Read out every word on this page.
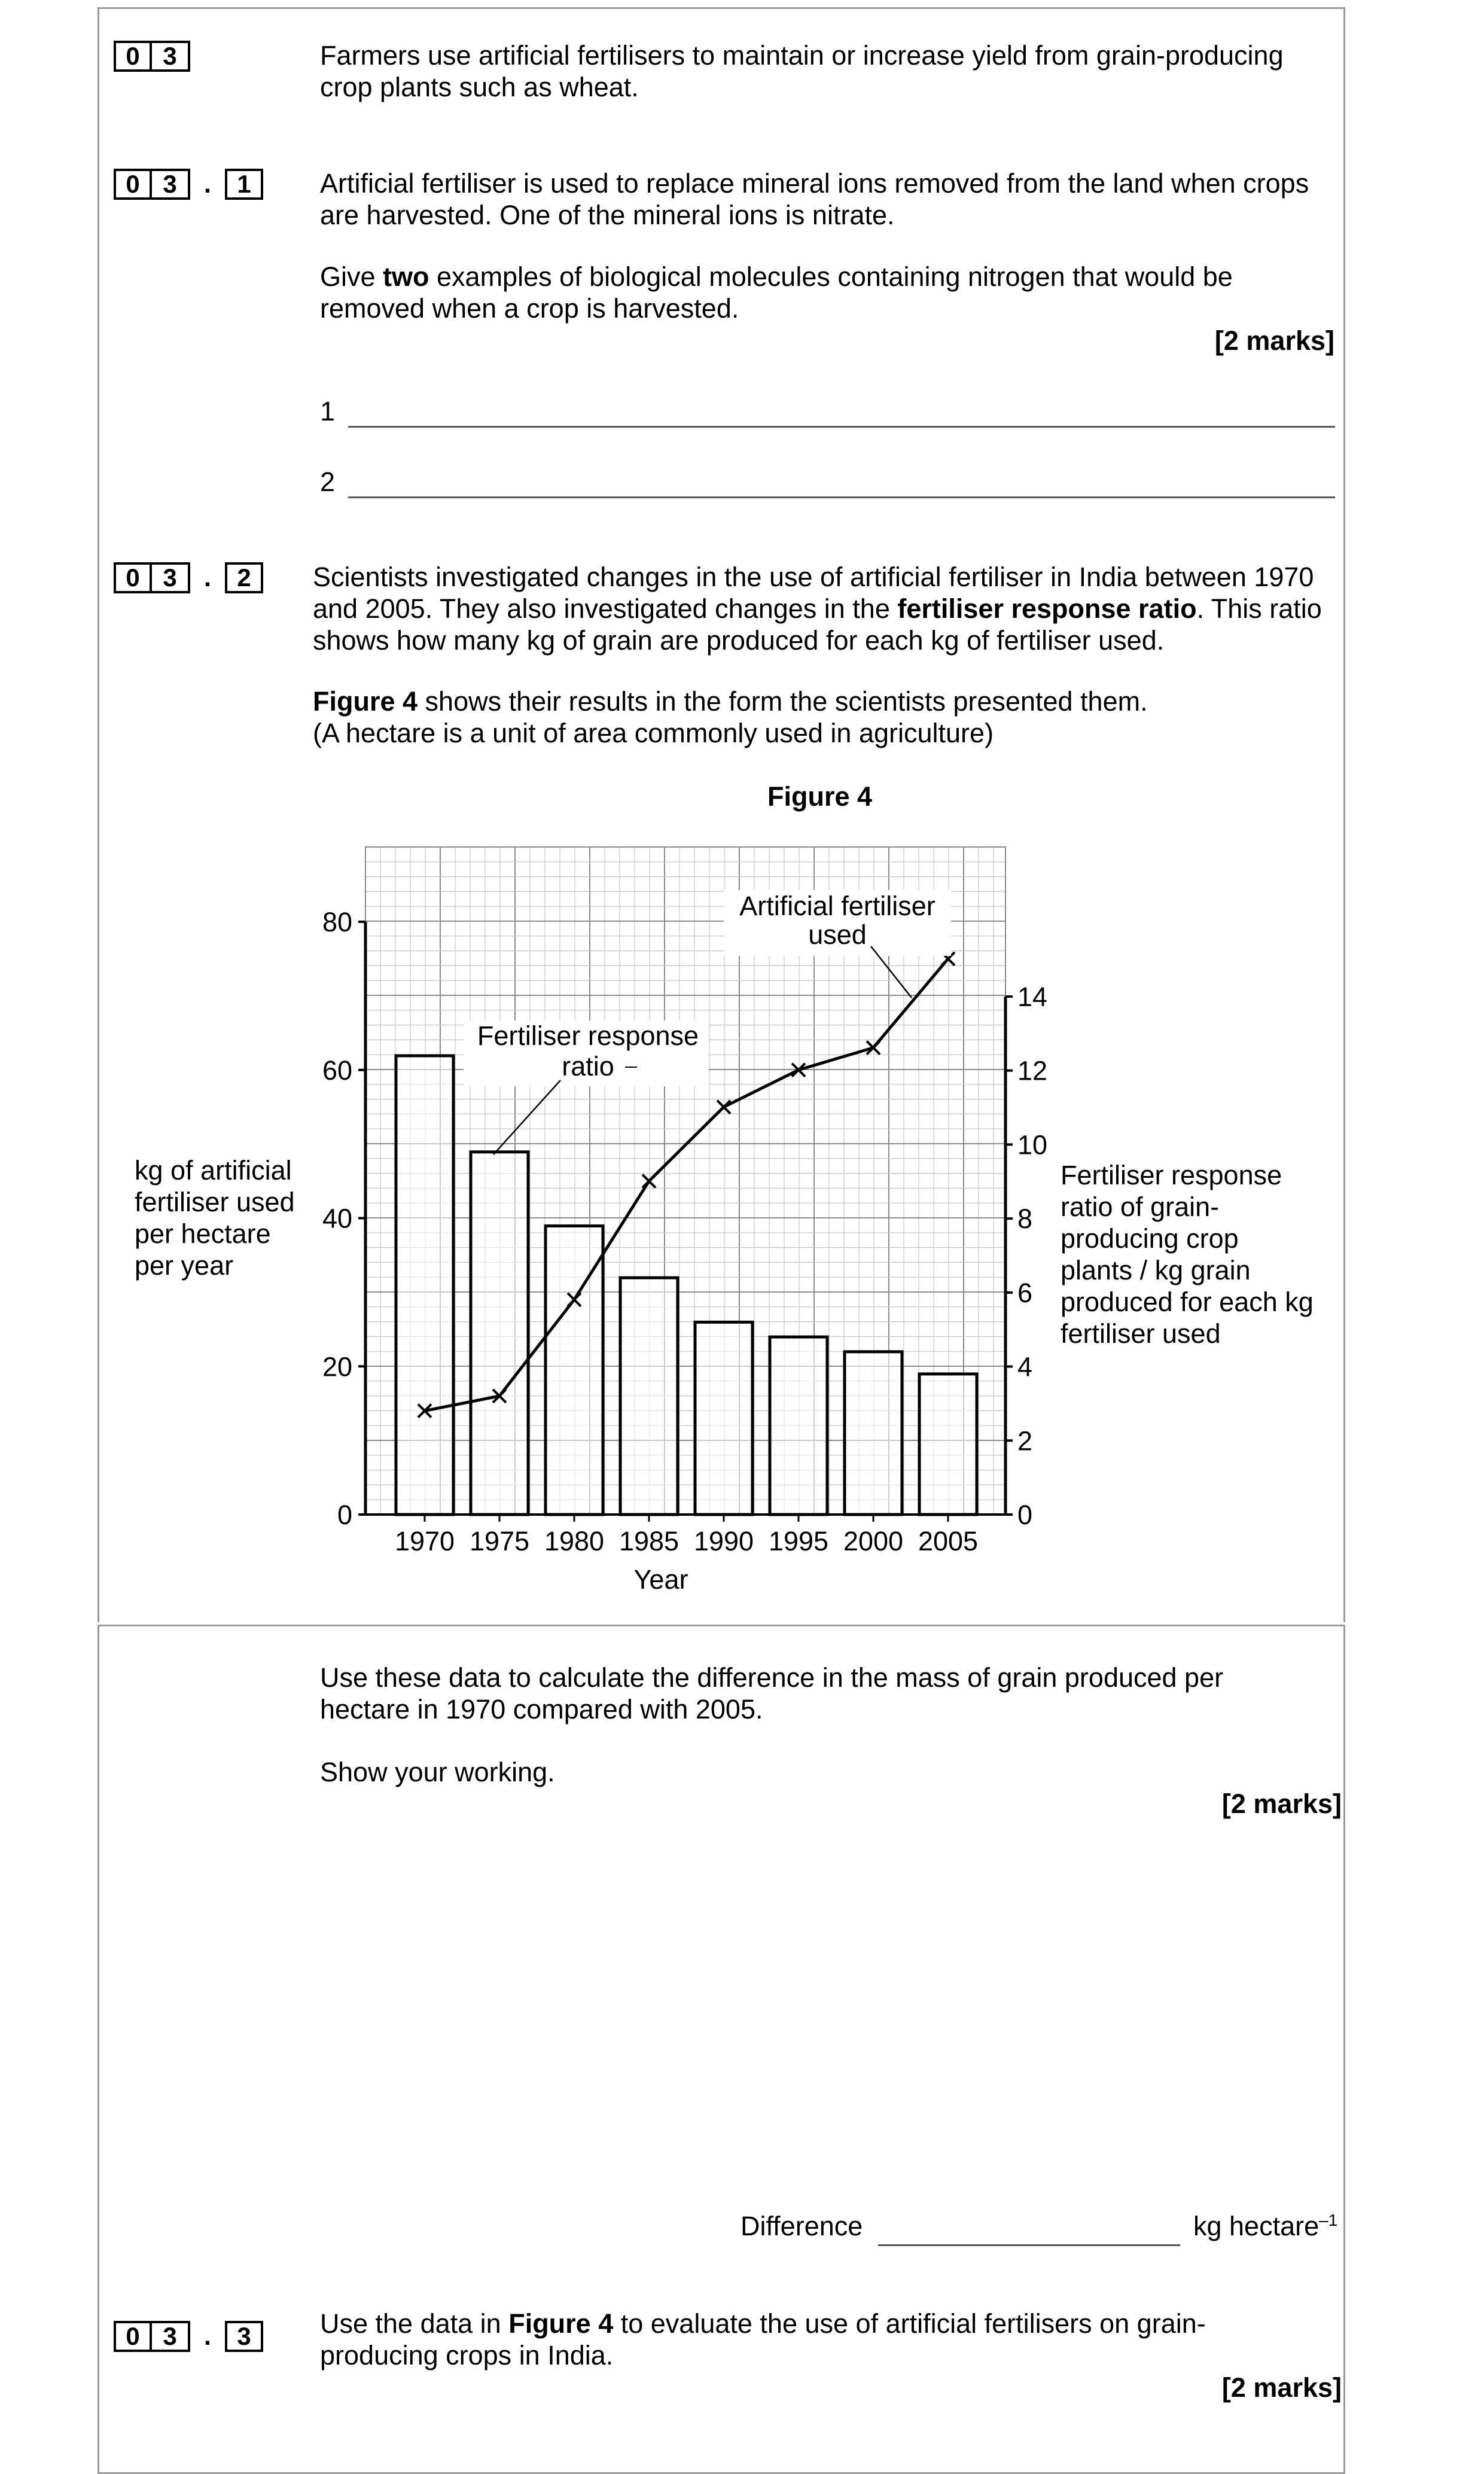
0 3	Farmers use artificial fertilisers to maintain or increase yield from grain-producing crop plants such as wheat.
0 3	.	1	Artificial fertiliser is used to replace mineral ions removed from the land when crops are harvested. One of the mineral ions is nitrate.
Give two examples of biological molecules containing nitrogen that would be removed when a crop is harvested.
[2 marks]
1
2
0 3	.	2	Scientists investigated changes in the use of artificial fertiliser in India between 1970 and 2005. They also investigated changes in the fertiliser response ratio. This ratio shows how many kg of grain are produced for each kg of fertiliser used.
Figure 4 shows their results in the form the scientists presented them.
(A hectare is a unit of area commonly used in agriculture)
Figure 4
0
20
40
60
80
0
2
4
6
8
10
12
14
1970 1975 1980 1985 1990 1995 2000 2005
Year
Fertiliser response
ratio
Artificial fertiliser
used
kg of artificial fertiliser used per hectare per year
Fertiliser response ratio of grain-producing crop plants / kg grain produced for each kg fertiliser used
Use these data to calculate the difference in the mass of grain produced per hectare in 1970 compared with 2005.
Show your working.
[2 marks]
Difference	kg hectare$^{-1}$
0 3	.	3	Use the data in Figure 4 to evaluate the use of artificial fertilisers on grain-producing crops in India.
[2 marks]
